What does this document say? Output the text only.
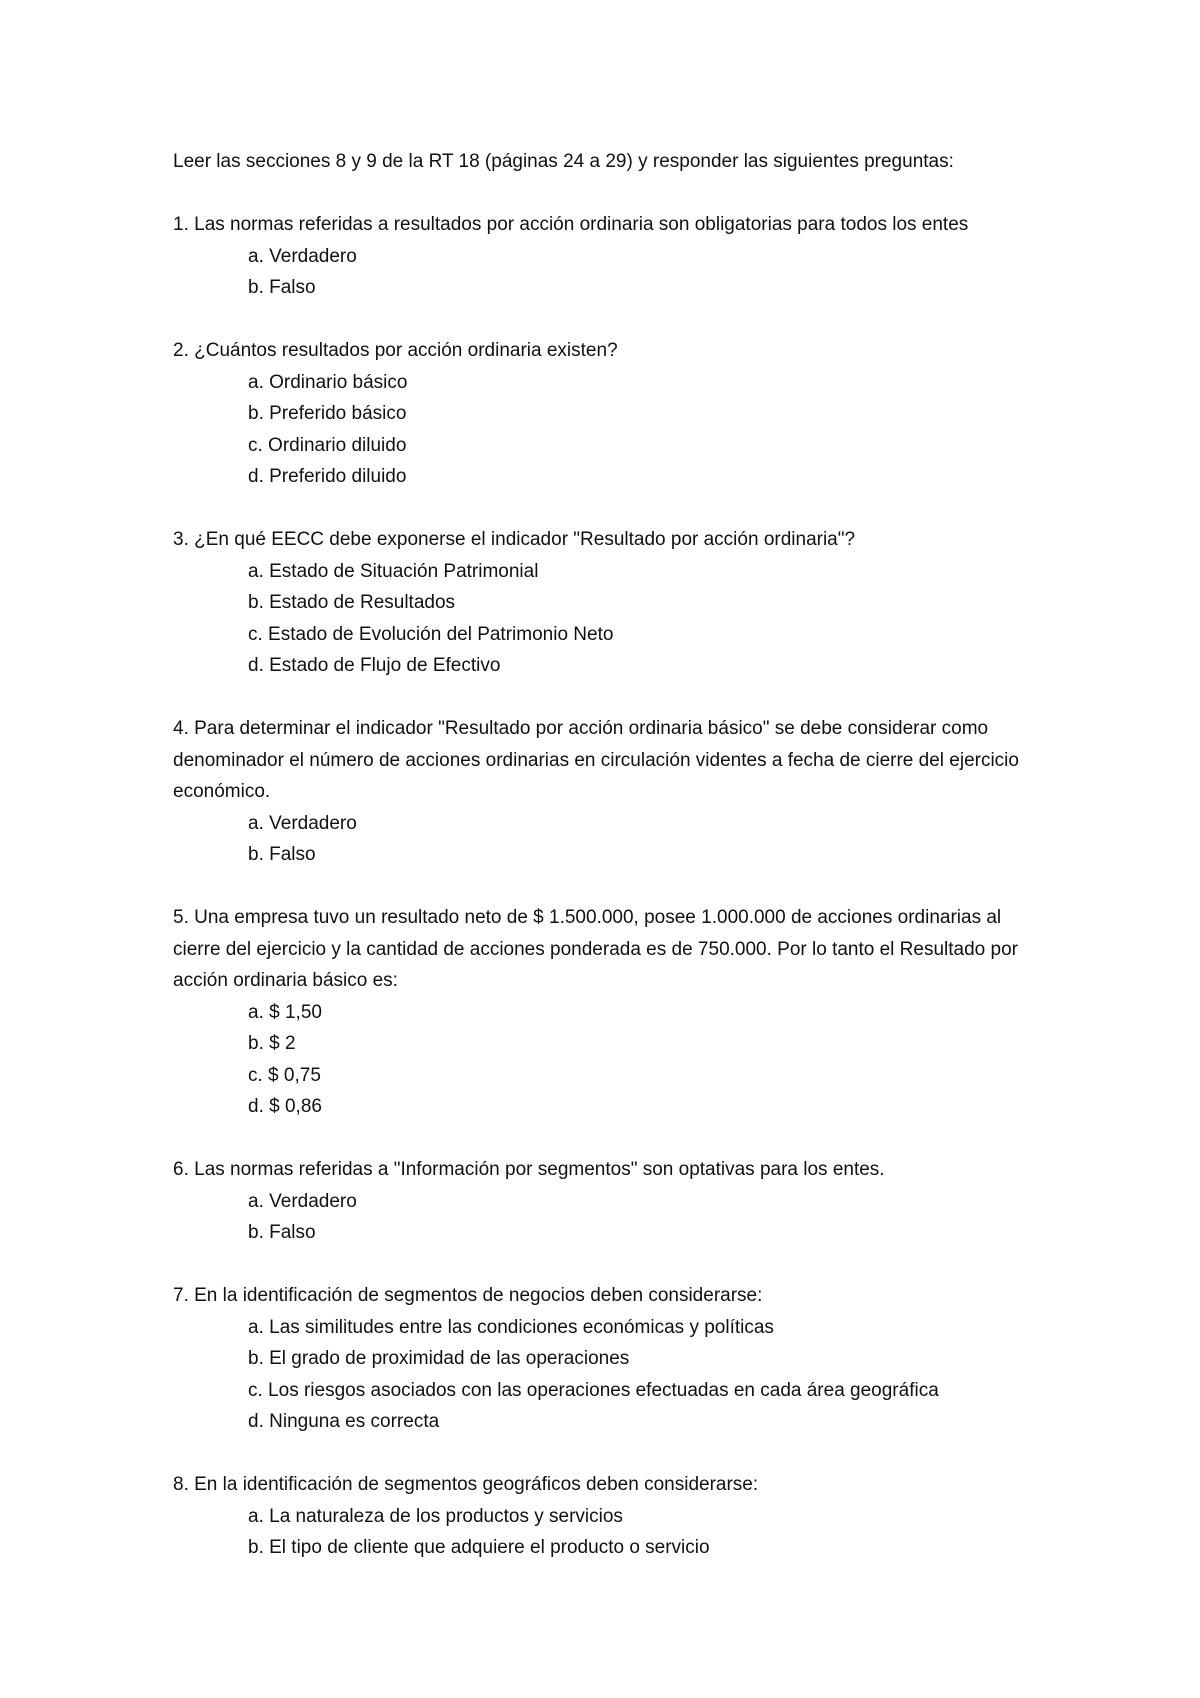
Leer las secciones 8 y 9 de la RT 18 (páginas 24 a 29) y responder las siguientes preguntas:

1. Las normas referidas a resultados por acción ordinaria son obligatorias para todos los entes

a. Verdadero
b. Falso

2. ¿Cuántos resultados por acción ordinaria existen?

a. Ordinario básico
b. Preferido básico
c. Ordinario diluido
d. Preferido diluido

3. ¿En qué EECC debe exponerse el indicador "Resultado por acción ordinaria"?

a. Estado de Situación Patrimonial
b. Estado de Resultados
c. Estado de Evolución del Patrimonio Neto
d. Estado de Flujo de Efectivo

4. Para determinar el indicador "Resultado por acción ordinaria básico" se debe considerar como denominador el número de acciones ordinarias en circulación videntes a fecha de cierre del ejercicio económico.

a. Verdadero
b. Falso

5. Una empresa tuvo un resultado neto de $ 1.500.000, posee 1.000.000 de acciones ordinarias al cierre del ejercicio y la cantidad de acciones ponderada es de 750.000. Por lo tanto el Resultado por acción ordinaria básico es:

a. $ 1,50
b. $ 2
c. $ 0,75
d. $ 0,86

6. Las normas referidas a "Información por segmentos" son optativas para los entes.

a. Verdadero
b. Falso

7. En la identificación de segmentos de negocios deben considerarse:

a. Las similitudes entre las condiciones económicas y políticas
b. El grado de proximidad de las operaciones
c. Los riesgos asociados con las operaciones efectuadas en cada área geográfica
d. Ninguna es correcta

8. En la identificación de segmentos geográficos deben considerarse:

a. La naturaleza de los productos y servicios
b. El tipo de cliente que adquiere el producto o servicio
